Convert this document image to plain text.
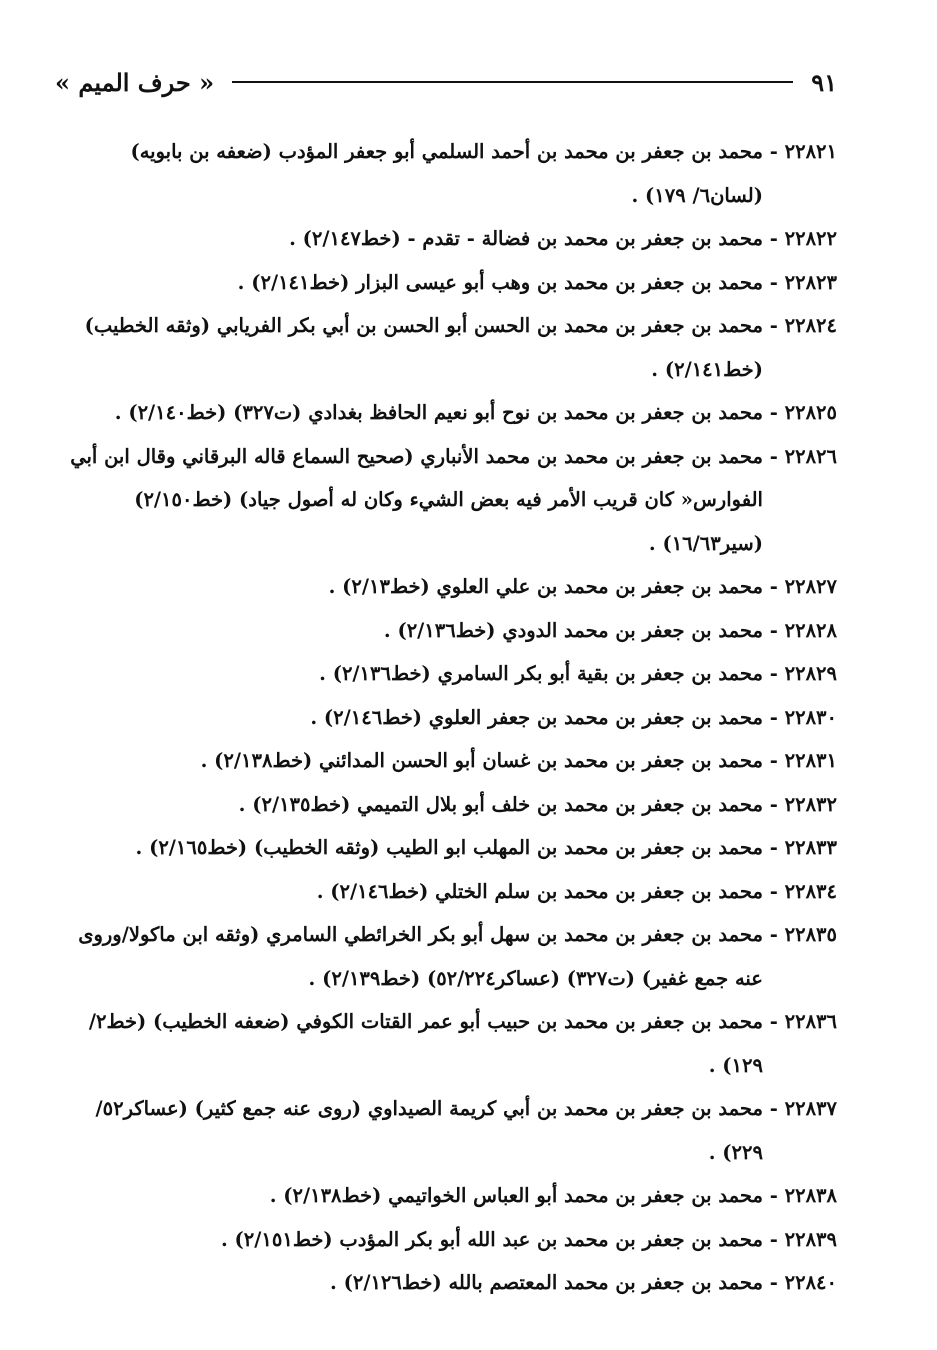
« حرف الميم »	٩١
٢٢٨٢١ -

محمد بن جعفر بن محمد بن أحمد السلمي أبو جعفر المؤدب (ضعفه بن بابويه) (لسان٦/ ١٧٩) .
٢٢٨٢٢ -

محمد بن جعفر بن محمد بن فضالة - تقدم - (خط٢/١٤٧) .
٢٢٨٢٣ -

محمد بن جعفر بن محمد بن وهب أبو عيسى البزار (خط٢/١٤١) .
٢٢٨٢٤ -

محمد بن جعفر بن محمد بن الحسن أبو الحسن بن أبي بكر الفريابي (وثقه الخطيب) (خط٢/١٤١) .
٢٢٨٢٥ -

محمد بن جعفر بن محمد بن نوح أبو نعيم الحافظ بغدادي (ت٣٢٧) (خط٢/١٤٠) .
٢٢٨٢٦ -

محمد بن جعفر بن محمد بن محمد الأنباري (صحيح السماع قاله البرقاني وقال ابن أبي الفوارس« كان قريب الأمر فيه بعض الشيء وكان له أصول جياد) (خط٢/١٥٠) (سير١٦/٦٣) .
٢٢٨٢٧ -

محمد بن جعفر بن محمد بن علي العلوي (خط٢/١٣) .
٢٢٨٢٨ -

محمد بن جعفر بن محمد الدودي (خط٢/١٣٦) .
٢٢٨٢٩ -

محمد بن جعفر بن بقية أبو بكر السامري (خط٢/١٣٦) .
٢٢٨٣٠ -

محمد بن جعفر بن محمد بن جعفر العلوي (خط٢/١٤٦) .
٢٢٨٣١ -

محمد بن جعفر بن محمد بن غسان أبو الحسن المدائني (خط٢/١٣٨) .
٢٢٨٣٢ -

محمد بن جعفر بن محمد بن خلف أبو بلال التميمي (خط٢/١٣٥) .
٢٢٨٣٣ -

محمد بن جعفر بن محمد بن المهلب ابو الطيب (وثقه الخطيب) (خط٢/١٦٥) .
٢٢٨٣٤ -

محمد بن جعفر بن محمد بن سلم الختلي (خط٢/١٤٦) .
٢٢٨٣٥ -

محمد بن جعفر بن محمد بن سهل أبو بكر الخرائطي السامري (وثقه ابن ماكولا/وروى عنه جمع غفير) (ت٣٢٧) (عساكر٥٢/٢٢٤) (خط٢/١٣٩) .
٢٢٨٣٦ -

محمد بن جعفر بن محمد بن حبيب أبو عمر القتات الكوفي (ضعفه الخطيب) (خط٢/ ١٢٩) .
٢٢٨٣٧ -

محمد بن جعفر بن محمد بن أبي كريمة الصيداوي (روى عنه جمع كثير) (عساكر٥٢/ ٢٢٩) .
٢٢٨٣٨ -

محمد بن جعفر بن محمد أبو العباس الخواتيمي (خط٢/١٣٨) .
٢٢٨٣٩ -

محمد بن جعفر بن محمد بن عبد الله أبو بكر المؤدب (خط٢/١٥١) .
٢٢٨٤٠ -

محمد بن جعفر بن محمد المعتصم بالله (خط٢/١٢٦) .
